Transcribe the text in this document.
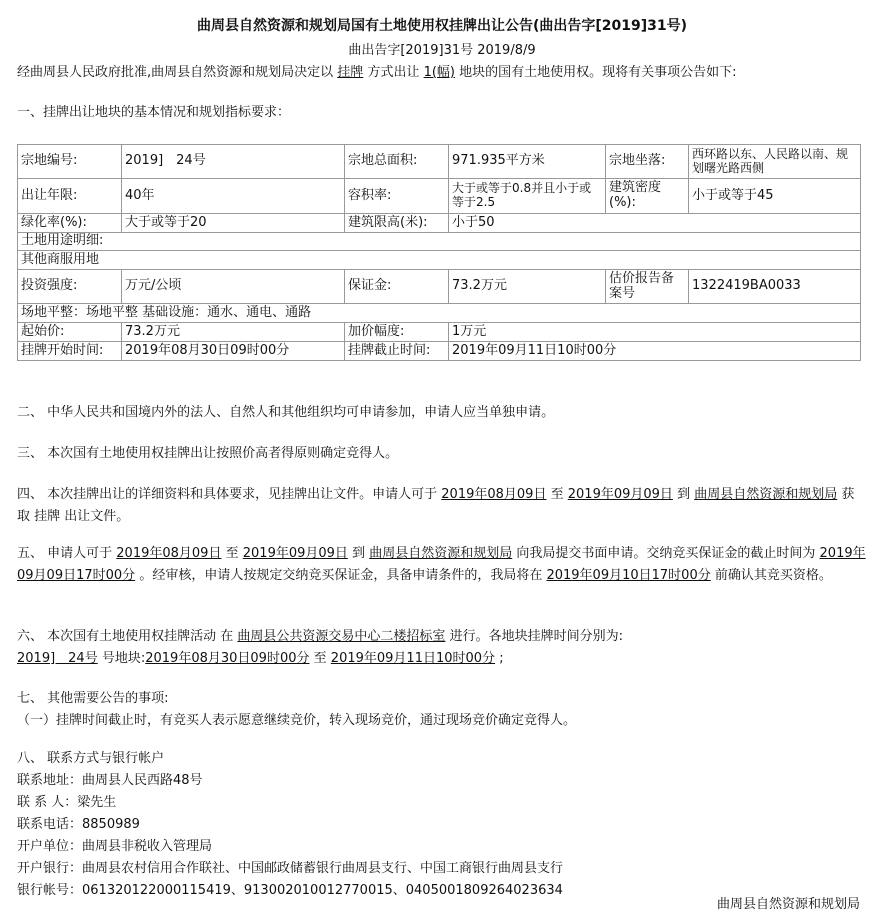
曲周县自然资源和规划局国有土地使用权挂牌出让公告(曲出告字[2019]31号)
曲出告字[2019]31号 2019/8/9
经曲周县人民政府批准,曲周县自然资源和规划局决定以 挂牌 方式出让 1(幅) 地块的国有土地使用权。现将有关事项公告如下:
一、挂牌出让地块的基本情况和规划指标要求：
宗地编号:	2019]　24号	宗地总面积:	971.935平方米	宗地坐落:	西环路以东、人民路以南、规划曙光路西侧
出让年限:	40年	容积率:	大于或等于0.8并且小于或等于2.5	建筑密度(%):	小于或等于45
绿化率(%):	大于或等于20	建筑限高(米):	小于50		
土地用途明细:					
其他商服用地					
投资强度:	万元/公顷	保证金:	73.2万元	估价报告备案号	1322419BA0033
场地平整：场地平整 基础设施：通水、通电、通路					
起始价:	73.2万元	加价幅度:	1万元		
挂牌开始时间:	2019年08月30日09时00分	挂牌截止时间:	2019年09月11日10时00分		
二、 中华人民共和国境内外的法人、自然人和其他组织均可申请参加，申请人应当单独申请。
三、 本次国有土地使用权挂牌出让按照价高者得原则确定竞得人。
四、 本次挂牌出让的详细资料和具体要求，见挂牌出让文件。申请人可于 2019年08月09日 至 2019年09月09日 到 曲周县自然资源和规划局 获取 挂牌 出让文件。
五、 申请人可于 2019年08月09日 至 2019年09月09日 到 曲周县自然资源和规划局 向我局提交书面申请。交纳竞买保证金的截止时间为 2019年09月09日17时00分 。经审核，申请人按规定交纳竞买保证金，具备申请条件的，我局将在 2019年09月10日17时00分 前确认其竞买资格。
六、 本次国有土地使用权挂牌活动 在 曲周县公共资源交易中心二楼招标室 进行。各地块挂牌时间分别为:
2019]　24号 号地块:2019年08月30日09时00分 至 2019年09月11日10时00分 ;
七、 其他需要公告的事项:
（一）挂牌时间截止时，有竞买人表示愿意继续竞价，转入现场竞价，通过现场竞价确定竞得人。
八、 联系方式与银行帐户
联系地址：曲周县人民西路48号
联 系 人：梁先生
联系电话：8850989
开户单位：曲周县非税收入管理局
开户银行：曲周县农村信用合作联社、中国邮政储蓄银行曲周县支行、中国工商银行曲周县支行
银行帐号：061320122000115419、913002010012770015、0405001809264023634
曲周县自然资源和规划局
